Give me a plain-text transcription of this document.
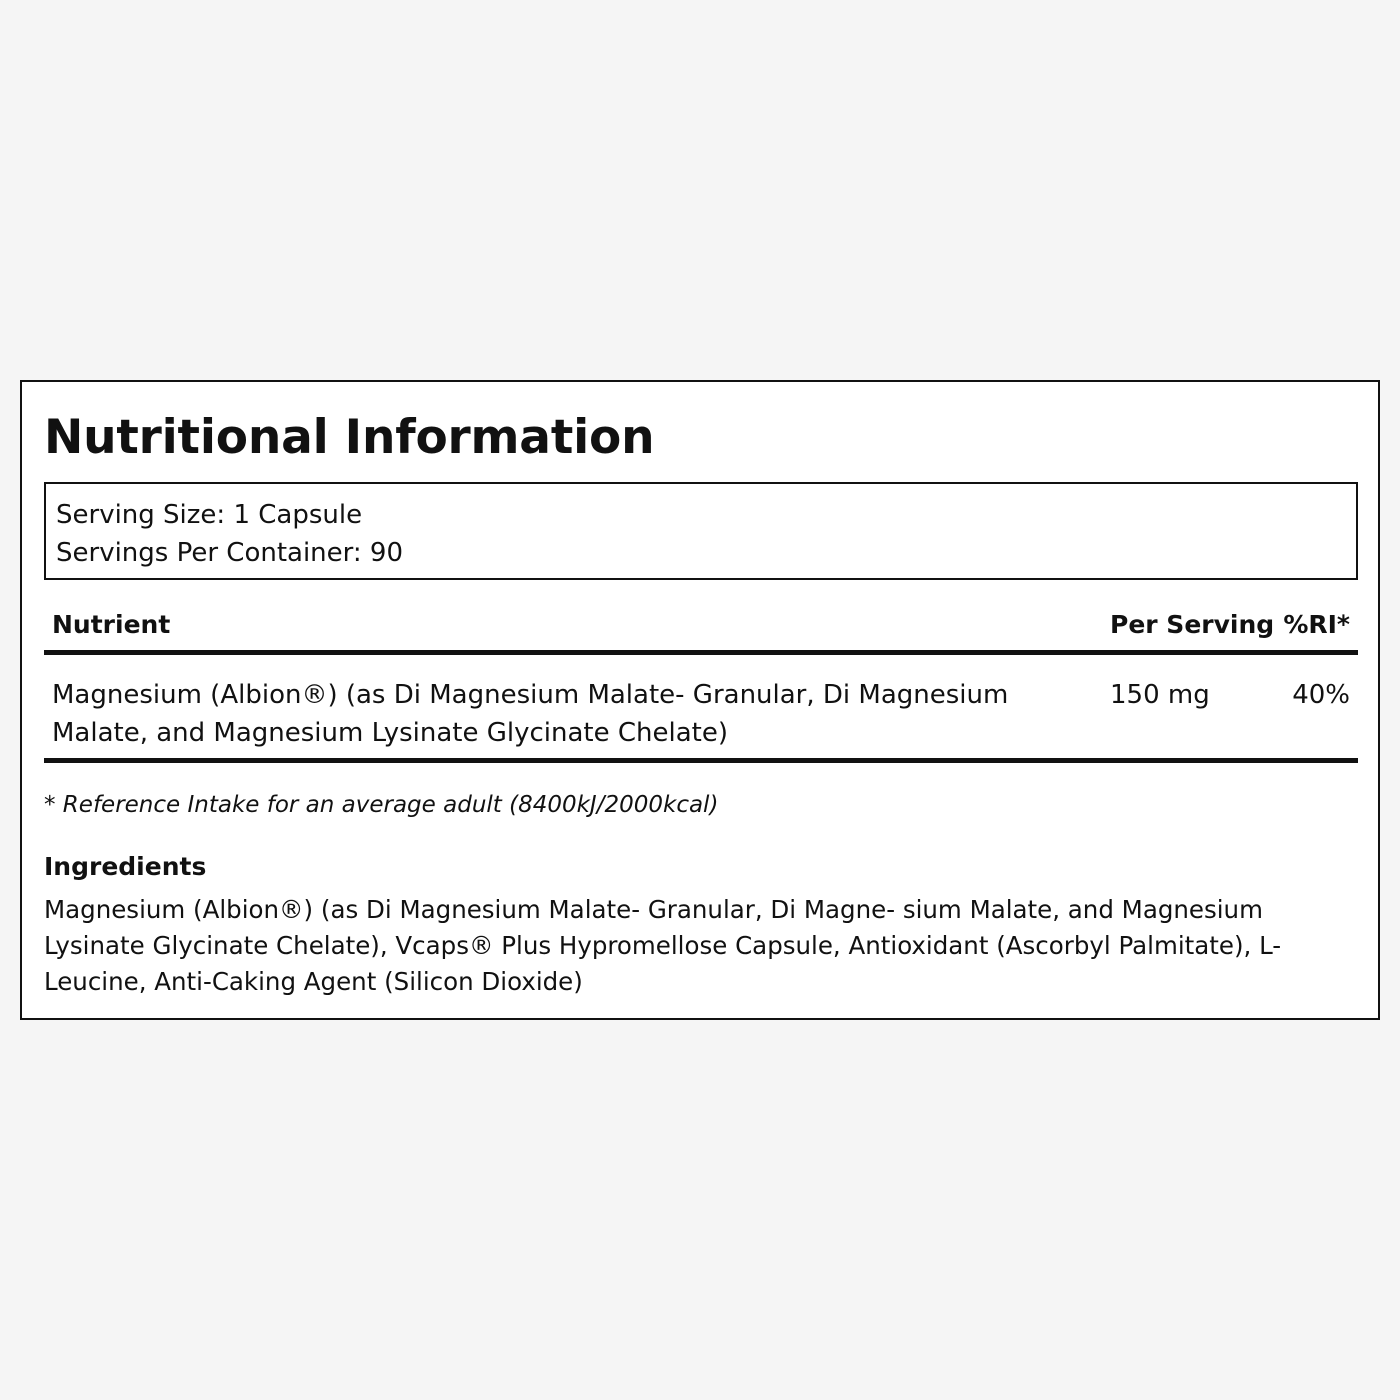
Nutritional Information
Serving Size: 1 Capsule
Servings Per Container: 90
Nutrient	Per Serving %RI*
Magnesium (Albion®) (as Di Magnesium Malate- Granular, Di Magnesium Malate, and Magnesium Lysinate Glycinate Chelate)
150 mg	40%
* Reference Intake for an average adult (8400kJ/2000kcal)
Ingredients

Magnesium (Albion®) (as Di Magnesium Malate- Granular, Di Magne- sium Malate, and Magnesium Lysinate Glycinate Chelate), Vcaps® Plus Hypromellose Capsule, Antioxidant (Ascorbyl Palmitate), L-Leucine, Anti-Caking Agent (Silicon Dioxide)
